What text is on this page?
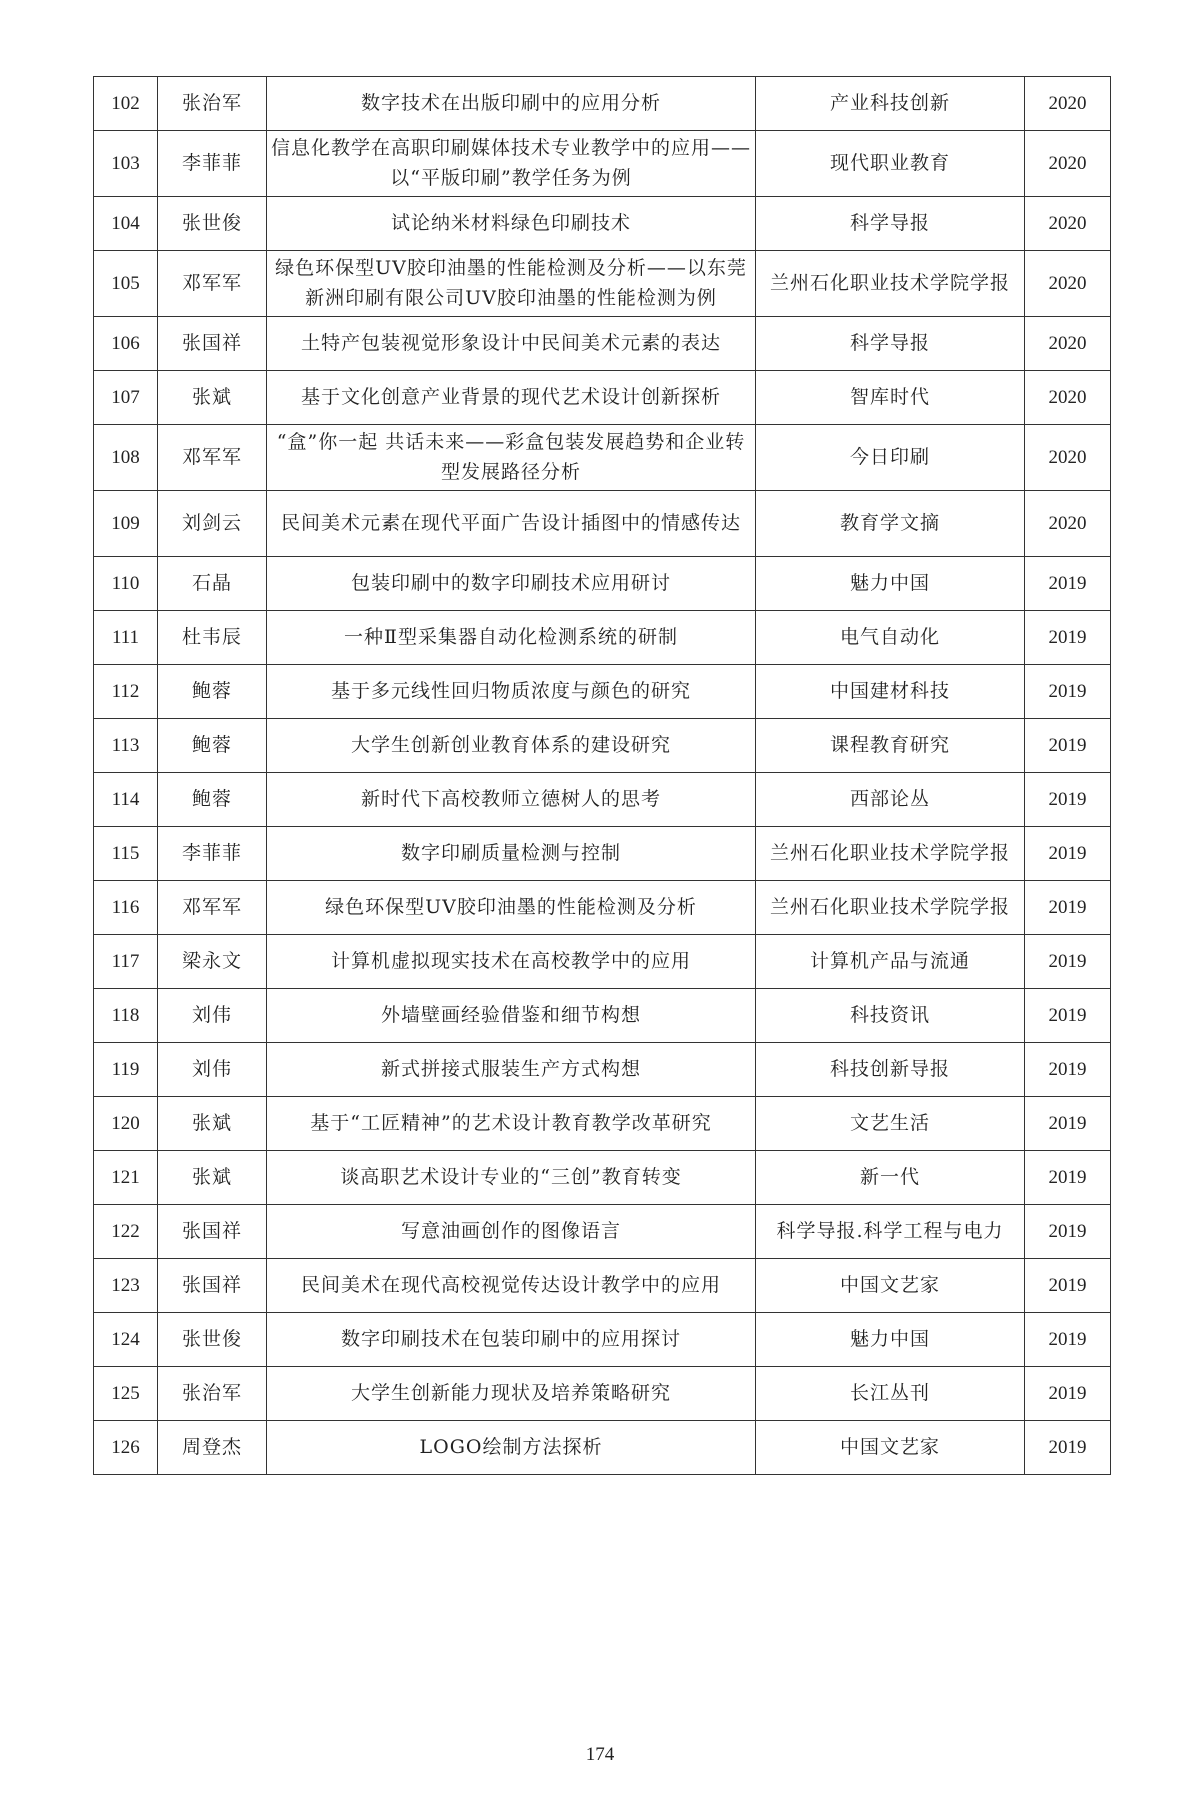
102	张治军	数字技术在出版印刷中的应用分析	产业科技创新	2020
103	李菲菲	信息化教学在高职印刷媒体技术专业教学中的应用——以“平版印刷”教学任务为例	现代职业教育	2020
104	张世俊	试论纳米材料绿色印刷技术	科学导报	2020
105	邓军军	绿色环保型UV胶印油墨的性能检测及分析——以东莞新洲印刷有限公司UV胶印油墨的性能检测为例	兰州石化职业技术学院学报	2020
106	张国祥	土特产包装视觉形象设计中民间美术元素的表达	科学导报	2020
107	张斌	基于文化创意产业背景的现代艺术设计创新探析	智库时代	2020
108	邓军军	“盒”你一起 共话未来——彩盒包装发展趋势和企业转型发展路径分析	今日印刷	2020
109	刘剑云	民间美术元素在现代平面广告设计插图中的情感传达	教育学文摘	2020
110	石晶	包装印刷中的数字印刷技术应用研讨	魅力中国	2019
111	杜韦辰	一种Ⅱ型采集器自动化检测系统的研制	电气自动化	2019
112	鲍蓉	基于多元线性回归物质浓度与颜色的研究	中国建材科技	2019
113	鲍蓉	大学生创新创业教育体系的建设研究	课程教育研究	2019
114	鲍蓉	新时代下高校教师立德树人的思考	西部论丛	2019
115	李菲菲	数字印刷质量检测与控制	兰州石化职业技术学院学报	2019
116	邓军军	绿色环保型UV胶印油墨的性能检测及分析	兰州石化职业技术学院学报	2019
117	梁永文	计算机虚拟现实技术在高校教学中的应用	计算机产品与流通	2019
118	刘伟	外墙壁画经验借鉴和细节构想	科技资讯	2019
119	刘伟	新式拼接式服装生产方式构想	科技创新导报	2019
120	张斌	基于“工匠精神”的艺术设计教育教学改革研究	文艺生活	2019
121	张斌	谈高职艺术设计专业的“三创”教育转变	新一代	2019
122	张国祥	写意油画创作的图像语言	科学导报.科学工程与电力	2019
123	张国祥	民间美术在现代高校视觉传达设计教学中的应用	中国文艺家	2019
124	张世俊	数字印刷技术在包装印刷中的应用探讨	魅力中国	2019
125	张治军	大学生创新能力现状及培养策略研究	长江丛刊	2019
126	周登杰	LOGO绘制方法探析	中国文艺家	2019
174
